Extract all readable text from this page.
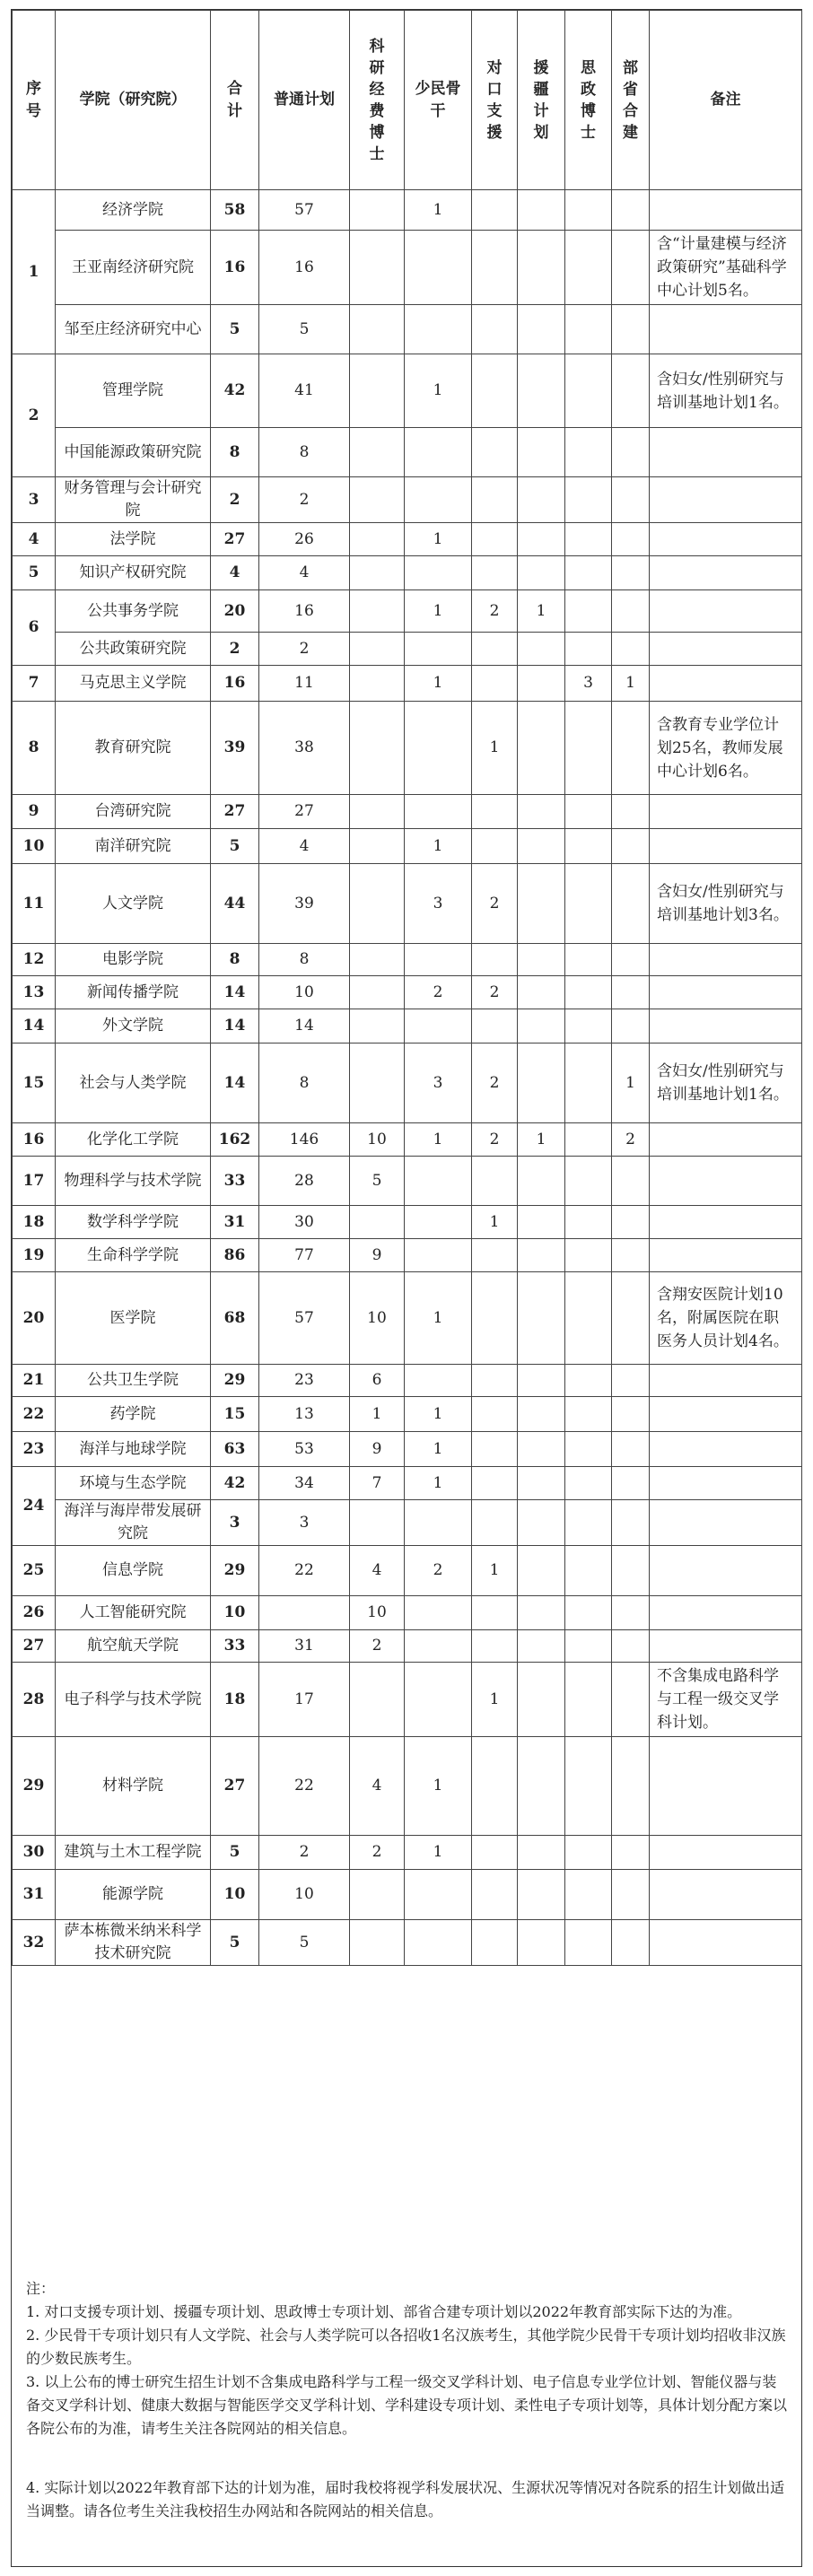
序号	学院（研究院）	合计	普通计划	科研经费博士	少民骨干	对口支援	援疆计划	思政博士	部省合建	备注
1	经济学院	58	57		1					
	王亚南经济研究院	16	16							含“计量建模与经济政策研究”基础科学中心计划5名。
	邹至庄经济研究中心	5	5							
2	管理学院	42	41		1					含妇女/性别研究与培训基地计划1名。
	中国能源政策研究院	8	8							
3	财务管理与会计研究院	2	2							
4	法学院	27	26		1					
5	知识产权研究院	4	4							
6	公共事务学院	20	16		1	2	1			
	公共政策研究院	2	2							
7	马克思主义学院	16	11		1			3	1	
8	教育研究院	39	38			1				含教育专业学位计划25名，教师发展中心计划6名。
9	台湾研究院	27	27							
10	南洋研究院	5	4		1					
11	人文学院	44	39		3	2				含妇女/性别研究与培训基地计划3名。
12	电影学院	8	8							
13	新闻传播学院	14	10		2	2				
14	外文学院	14	14							
15	社会与人类学院	14	8		3	2			1	含妇女/性别研究与培训基地计划1名。
16	化学化工学院	162	146	10	1	2	1		2	
17	物理科学与技术学院	33	28	5						
18	数学科学学院	31	30			1				
19	生命科学学院	86	77	9						
20	医学院	68	57	10	1					含翔安医院计划10名，附属医院在职医务人员计划4名。
21	公共卫生学院	29	23	6						
22	药学院	15	13	1	1					
23	海洋与地球学院	63	53	9	1					
24	环境与生态学院	42	34	7	1					
	海洋与海岸带发展研究院	3	3							
25	信息学院	29	22	4	2	1				
26	人工智能研究院	10		10						
27	航空航天学院	33	31	2						
28	电子科学与技术学院	18	17			1				不含集成电路科学与工程一级交叉学科计划。
29	材料学院	27	22	4	1					
30	建筑与土木工程学院	5	2	2	1					
31	能源学院	10	10							
32	萨本栋微米纳米科学技术研究院	5	5							

注：

1. 对口支援专项计划、援疆专项计划、思政博士专项计划、部省合建专项计划以2022年教育部实际下达的为准。

2. 少民骨干专项计划只有人文学院、社会与人类学院可以各招收1名汉族考生，其他学院少民骨干专项计划均招收非汉族的少数民族考生。

3. 以上公布的博士研究生招生计划不含集成电路科学与工程一级交叉学科计划、电子信息专业学位计划、智能仪器与装备交叉学科计划、健康大数据与智能医学交叉学科计划、学科建设专项计划、柔性电子专项计划等，具体计划分配方案以各院公布的为准，请考生关注各院网站的相关信息。

4. 实际计划以2022年教育部下达的计划为准，届时我校将视学科发展状况、生源状况等情况对各院系的招生计划做出适当调整。请各位考生关注我校招生办网站和各院网站的相关信息。
